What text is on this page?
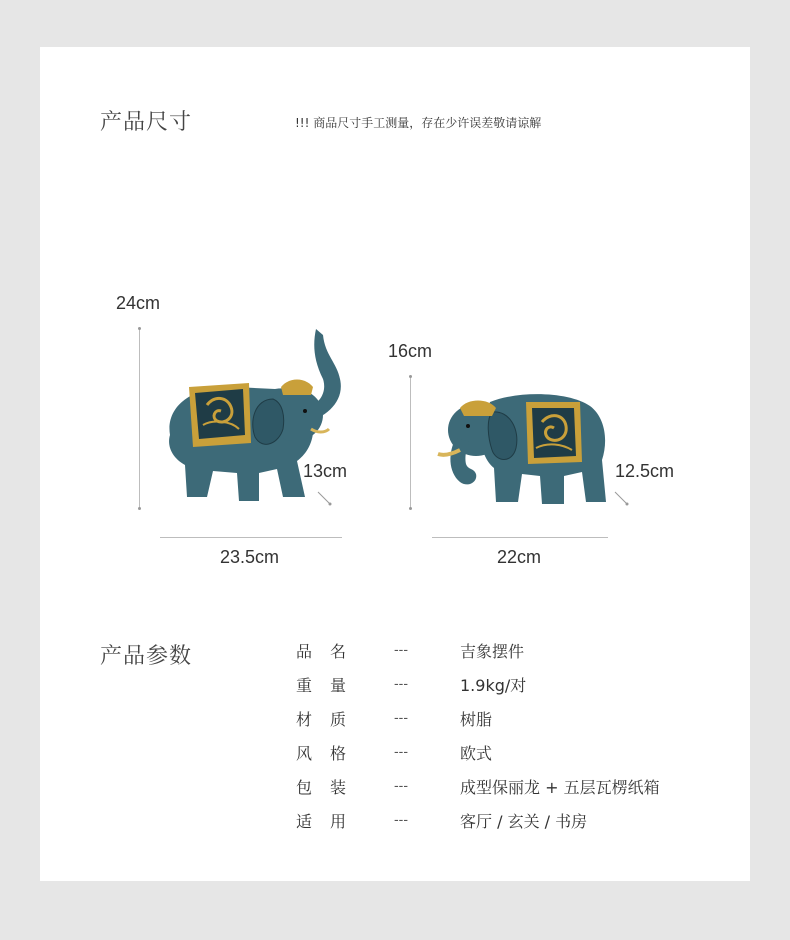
产品尺寸	!!! 商品尺寸手工测量，存在少许误差敬请谅解
24cm
23.5cm
13cm
16cm
22cm
12.5cm
产品参数	品名 ---	吉象摆件
重量 ---	1.9kg/对
材质 ---	树脂
风格 ---	欧式
包装 ---	成型保丽龙 + 五层瓦楞纸箱
适用 ---	客厅 / 玄关 / 书房
